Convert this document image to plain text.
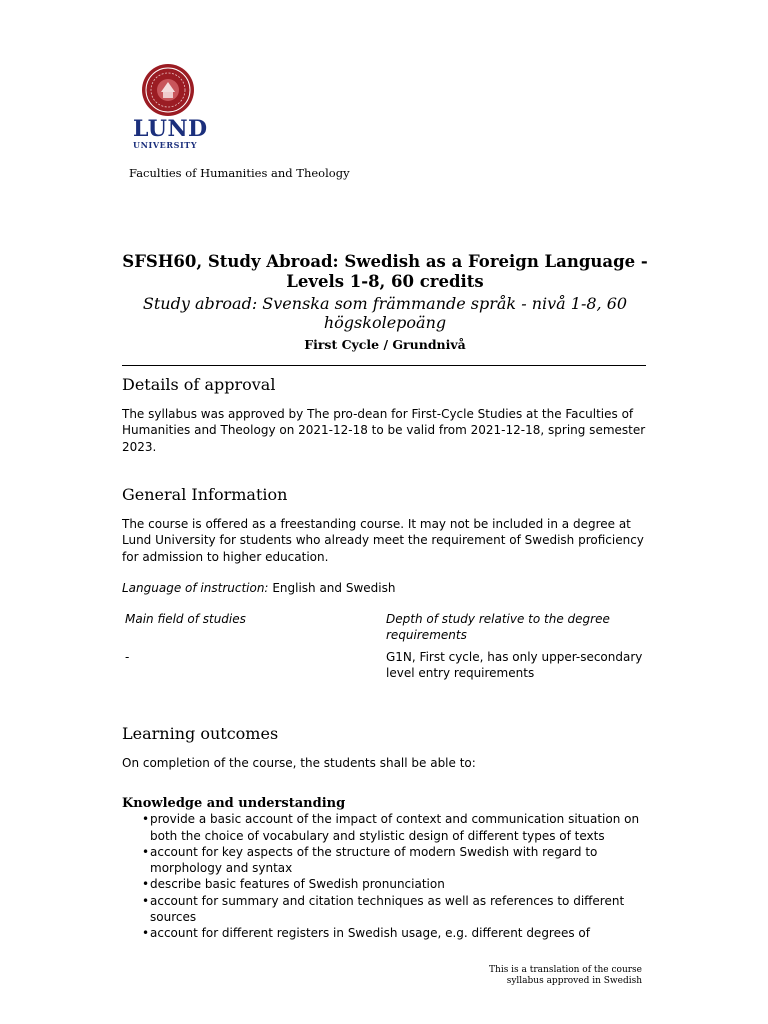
LUND
UNIVERSITY
Faculties of Humanities and Theology
SFSH60, Study Abroad: Swedish as a Foreign Language - Levels 1-8, 60 credits
Study abroad: Svenska som främmande språk - nivå 1-8, 60 högskolepoäng
First Cycle / Grundnivå
Details of approval

The syllabus was approved by The pro-dean for First-Cycle Studies at the Faculties of Humanities and Theology on 2021-12-18 to be valid from 2021-12-18, spring semester 2023.

General Information

The course is offered as a freestanding course. It may not be included in a degree at Lund University for students who already meet the requirement of Swedish proficiency for admission to higher education.

Language of instruction: English and Swedish

Main field of studies	Depth of study relative to the degree requirements
-	G1N, First cycle, has only upper-secondary level entry requirements
Learning outcomes

On completion of the course, the students shall be able to:

Knowledge and understanding
• provide a basic account of the impact of context and communication situation on both the choice of vocabulary and stylistic design of different types of texts
• account for key aspects of the structure of modern Swedish with regard to morphology and syntax
• describe basic features of Swedish pronunciation
• account for summary and citation techniques as well as references to different sources
• account for different registers in Swedish usage, e.g. different degrees of
This is a translation of the course
syllabus approved in Swedish
